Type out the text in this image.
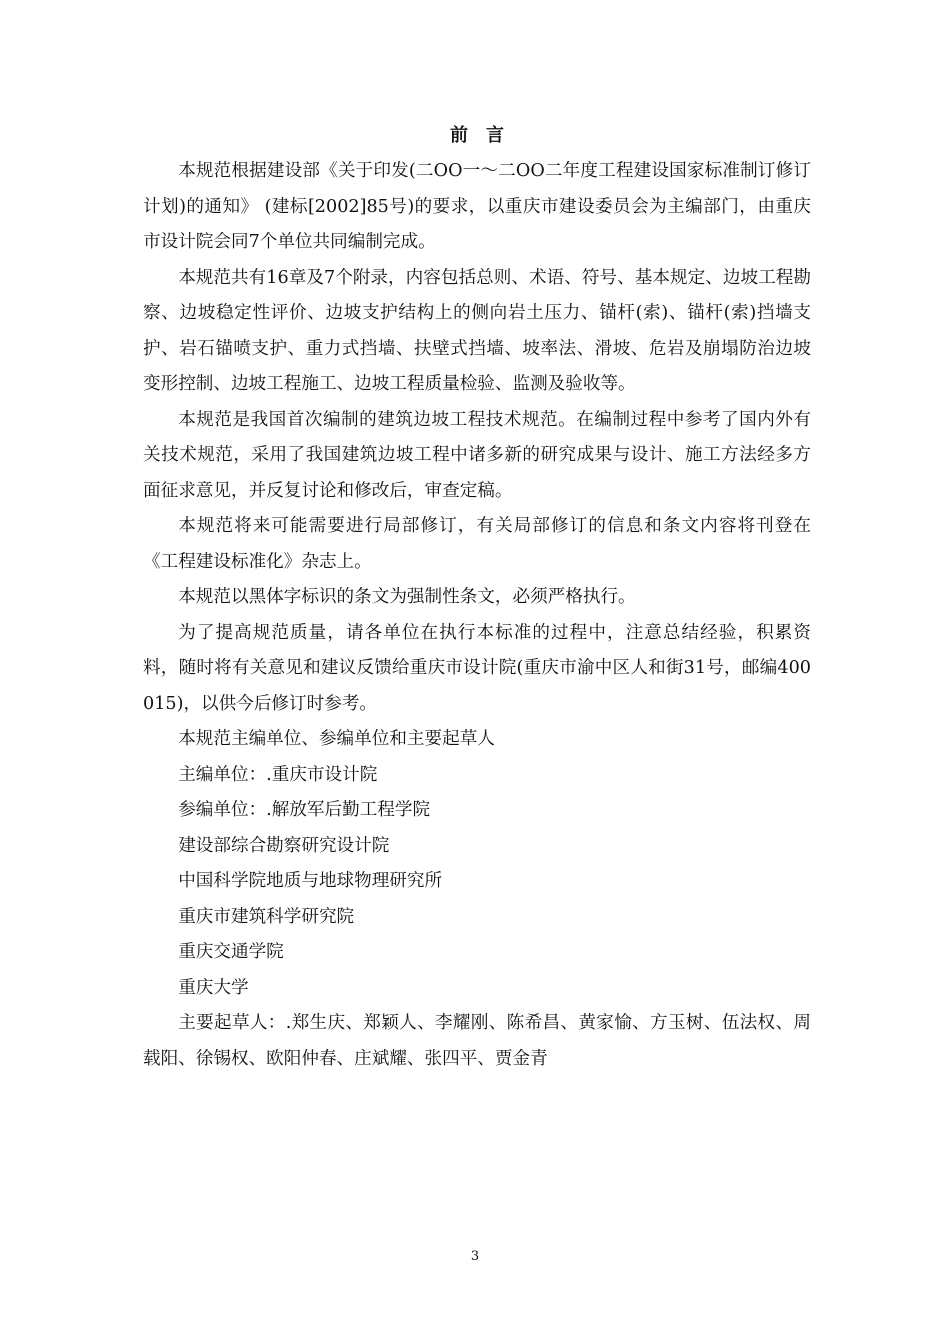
前言

本规范根据建设部《关于印发(二OO一～二OO二年度工程建设国家标准制订修订计划)的通知》 (建标[2002]85号)的要求，以重庆市建设委员会为主编部门，由重庆市设计院会同7个单位共同编制完成。

本规范共有16章及7个附录，内容包括总则、术语、符号、基本规定、边坡工程勘察、边坡稳定性评价、边坡支护结构上的侧向岩土压力、锚杆(索)、锚杆(索)挡墙支护、岩石锚喷支护、重力式挡墙、扶壁式挡墙、坡率法、滑坡、危岩及崩塌防治边坡变形控制、边坡工程施工、边坡工程质量检验、监测及验收等。

本规范是我国首次编制的建筑边坡工程技术规范。在编制过程中参考了国内外有关技术规范，采用了我国建筑边坡工程中诸多新的研究成果与设计、施工方法经多方面征求意见，并反复讨论和修改后，审查定稿。

本规范将来可能需要进行局部修订，有关局部修订的信息和条文内容将刊登在《工程建设标准化》杂志上。

本规范以黑体字标识的条文为强制性条文，必须严格执行。

为了提高规范质量，请各单位在执行本标准的过程中，注意总结经验，积累资料，随时将有关意见和建议反馈给重庆市设计院(重庆市渝中区人和街31号，邮编400015)，以供今后修订时参考。

本规范主编单位、参编单位和主要起草人

主编单位：.重庆市设计院

参编单位：.解放军后勤工程学院

建设部综合勘察研究设计院

中国科学院地质与地球物理研究所

重庆市建筑科学研究院

重庆交通学院

重庆大学

主要起草人：.郑生庆、郑颖人、李耀刚、陈希昌、黄家愉、方玉树、伍法权、周载阳、徐锡权、欧阳仲春、庄斌耀、张四平、贾金青

3
